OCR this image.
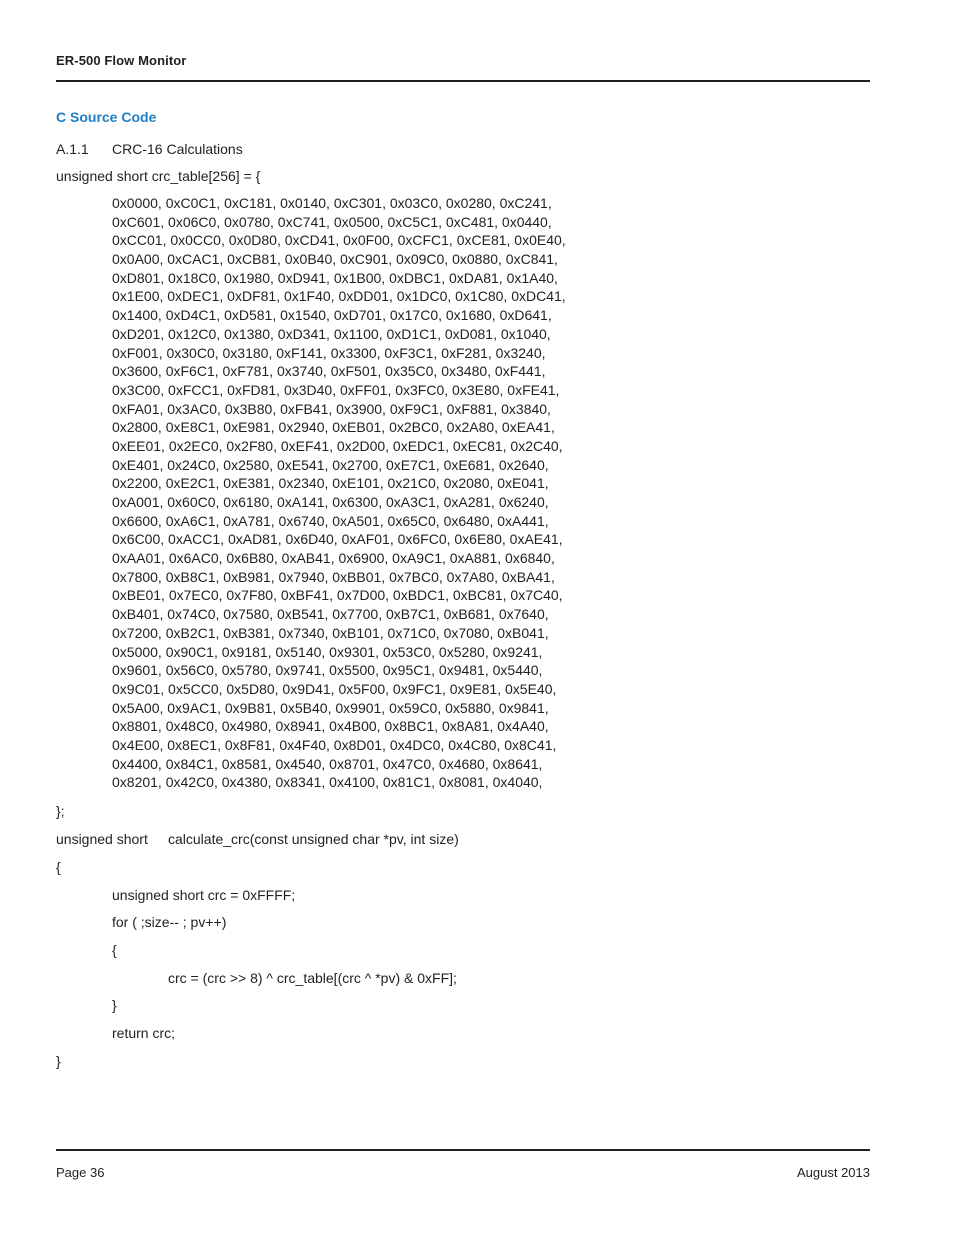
ER-500 Flow Monitor
C Source Code
A.1.1 CRC-16 Calculations
unsigned short crc_table[256] = {
0x0000, 0xC0C1, 0xC181, 0x0140, 0xC301, 0x03C0, 0x0280, 0xC241,
0xC601, 0x06C0, 0x0780, 0xC741, 0x0500, 0xC5C1, 0xC481, 0x0440,
0xCC01, 0x0CC0, 0x0D80, 0xCD41, 0x0F00, 0xCFC1, 0xCE81, 0x0E40,
0x0A00, 0xCAC1, 0xCB81, 0x0B40, 0xC901, 0x09C0, 0x0880, 0xC841,
0xD801, 0x18C0, 0x1980, 0xD941, 0x1B00, 0xDBC1, 0xDA81, 0x1A40,
0x1E00, 0xDEC1, 0xDF81, 0x1F40, 0xDD01, 0x1DC0, 0x1C80, 0xDC41,
0x1400, 0xD4C1, 0xD581, 0x1540, 0xD701, 0x17C0, 0x1680, 0xD641,
0xD201, 0x12C0, 0x1380, 0xD341, 0x1100, 0xD1C1, 0xD081, 0x1040,
0xF001, 0x30C0, 0x3180, 0xF141, 0x3300, 0xF3C1, 0xF281, 0x3240,
0x3600, 0xF6C1, 0xF781, 0x3740, 0xF501, 0x35C0, 0x3480, 0xF441,
0x3C00, 0xFCC1, 0xFD81, 0x3D40, 0xFF01, 0x3FC0, 0x3E80, 0xFE41,
0xFA01, 0x3AC0, 0x3B80, 0xFB41, 0x3900, 0xF9C1, 0xF881, 0x3840,
0x2800, 0xE8C1, 0xE981, 0x2940, 0xEB01, 0x2BC0, 0x2A80, 0xEA41,
0xEE01, 0x2EC0, 0x2F80, 0xEF41, 0x2D00, 0xEDC1, 0xEC81, 0x2C40,
0xE401, 0x24C0, 0x2580, 0xE541, 0x2700, 0xE7C1, 0xE681, 0x2640,
0x2200, 0xE2C1, 0xE381, 0x2340, 0xE101, 0x21C0, 0x2080, 0xE041,
0xA001, 0x60C0, 0x6180, 0xA141, 0x6300, 0xA3C1, 0xA281, 0x6240,
0x6600, 0xA6C1, 0xA781, 0x6740, 0xA501, 0x65C0, 0x6480, 0xA441,
0x6C00, 0xACC1, 0xAD81, 0x6D40, 0xAF01, 0x6FC0, 0x6E80, 0xAE41,
0xAA01, 0x6AC0, 0x6B80, 0xAB41, 0x6900, 0xA9C1, 0xA881, 0x6840,
0x7800, 0xB8C1, 0xB981, 0x7940, 0xBB01, 0x7BC0, 0x7A80, 0xBA41,
0xBE01, 0x7EC0, 0x7F80, 0xBF41, 0x7D00, 0xBDC1, 0xBC81, 0x7C40,
0xB401, 0x74C0, 0x7580, 0xB541, 0x7700, 0xB7C1, 0xB681, 0x7640,
0x7200, 0xB2C1, 0xB381, 0x7340, 0xB101, 0x71C0, 0x7080, 0xB041,
0x5000, 0x90C1, 0x9181, 0x5140, 0x9301, 0x53C0, 0x5280, 0x9241,
0x9601, 0x56C0, 0x5780, 0x9741, 0x5500, 0x95C1, 0x9481, 0x5440,
0x9C01, 0x5CC0, 0x5D80, 0x9D41, 0x5F00, 0x9FC1, 0x9E81, 0x5E40,
0x5A00, 0x9AC1, 0x9B81, 0x5B40, 0x9901, 0x59C0, 0x5880, 0x9841,
0x8801, 0x48C0, 0x4980, 0x8941, 0x4B00, 0x8BC1, 0x8A81, 0x4A40,
0x4E00, 0x8EC1, 0x8F81, 0x4F40, 0x8D01, 0x4DC0, 0x4C80, 0x8C41,
0x4400, 0x84C1, 0x8581, 0x4540, 0x8701, 0x47C0, 0x4680, 0x8641,
0x8201, 0x42C0, 0x4380, 0x8341, 0x4100, 0x81C1, 0x8081, 0x4040,
};
unsigned short calculate_crc(const unsigned char *pv, int size)
{
unsigned short crc = 0xFFFF;
for ( ;size-- ; pv++)
{
crc = (crc >> 8) ^ crc_table[(crc ^ *pv) & 0xFF];
}
return crc;
}
Page 36	August 2013
